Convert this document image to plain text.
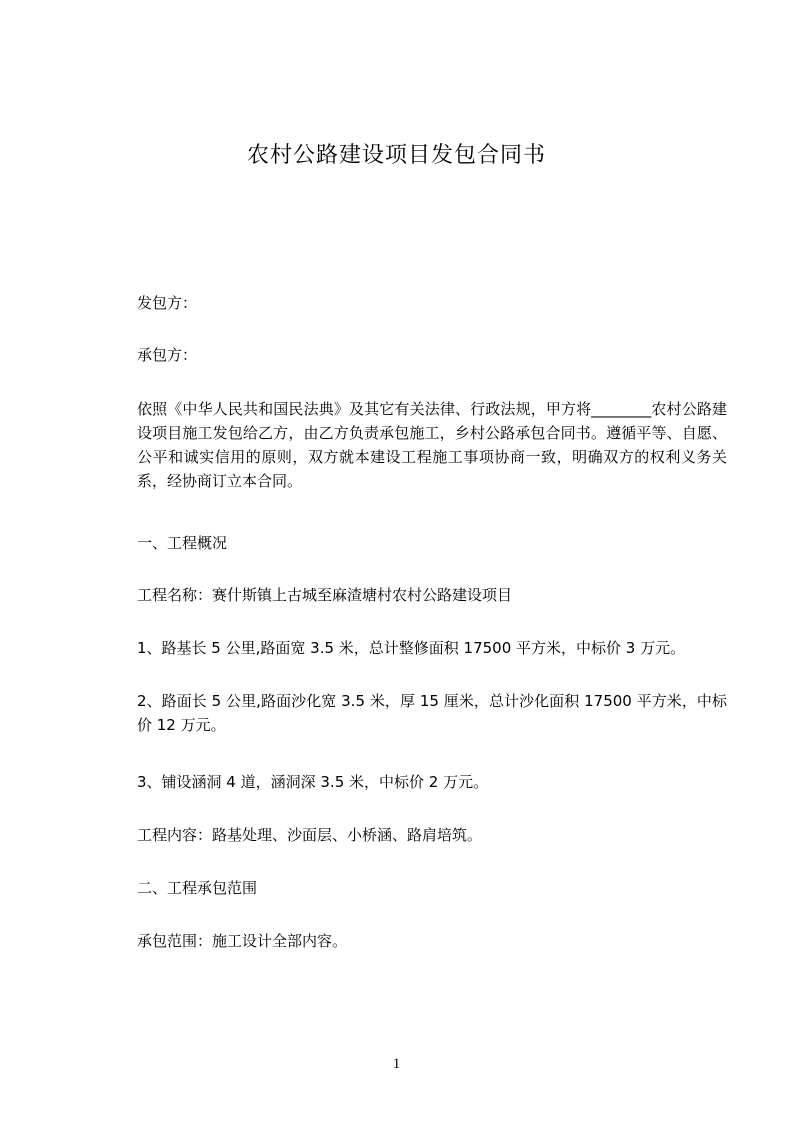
农村公路建设项目发包合同书
发包方：
承包方：
依照《中华人民共和国民法典》及其它有关法律、行政法规，甲方将________农村公路建设项目施工发包给乙方，由乙方负责承包施工，乡村公路承包合同书。遵循平等、自愿、公平和诚实信用的原则，双方就本建设工程施工事项协商一致，明确双方的权利义务关系，经协商订立本合同。
一、工程概况
工程名称：赛什斯镇上古城至麻渣塘村农村公路建设项目
1、路基长 5 公里,路面宽 3.5 米，总计整修面积 17500 平方米，中标价 3 万元。
2、路面长 5 公里,路面沙化宽 3.5 米，厚 15 厘米，总计沙化面积 17500 平方米，中标价 12 万元。
3、铺设涵洞 4 道，涵洞深 3.5 米，中标价 2 万元。
工程内容：路基处理、沙面层、小桥涵、路肩培筑。
二、工程承包范围
承包范围：施工设计全部内容。
1
